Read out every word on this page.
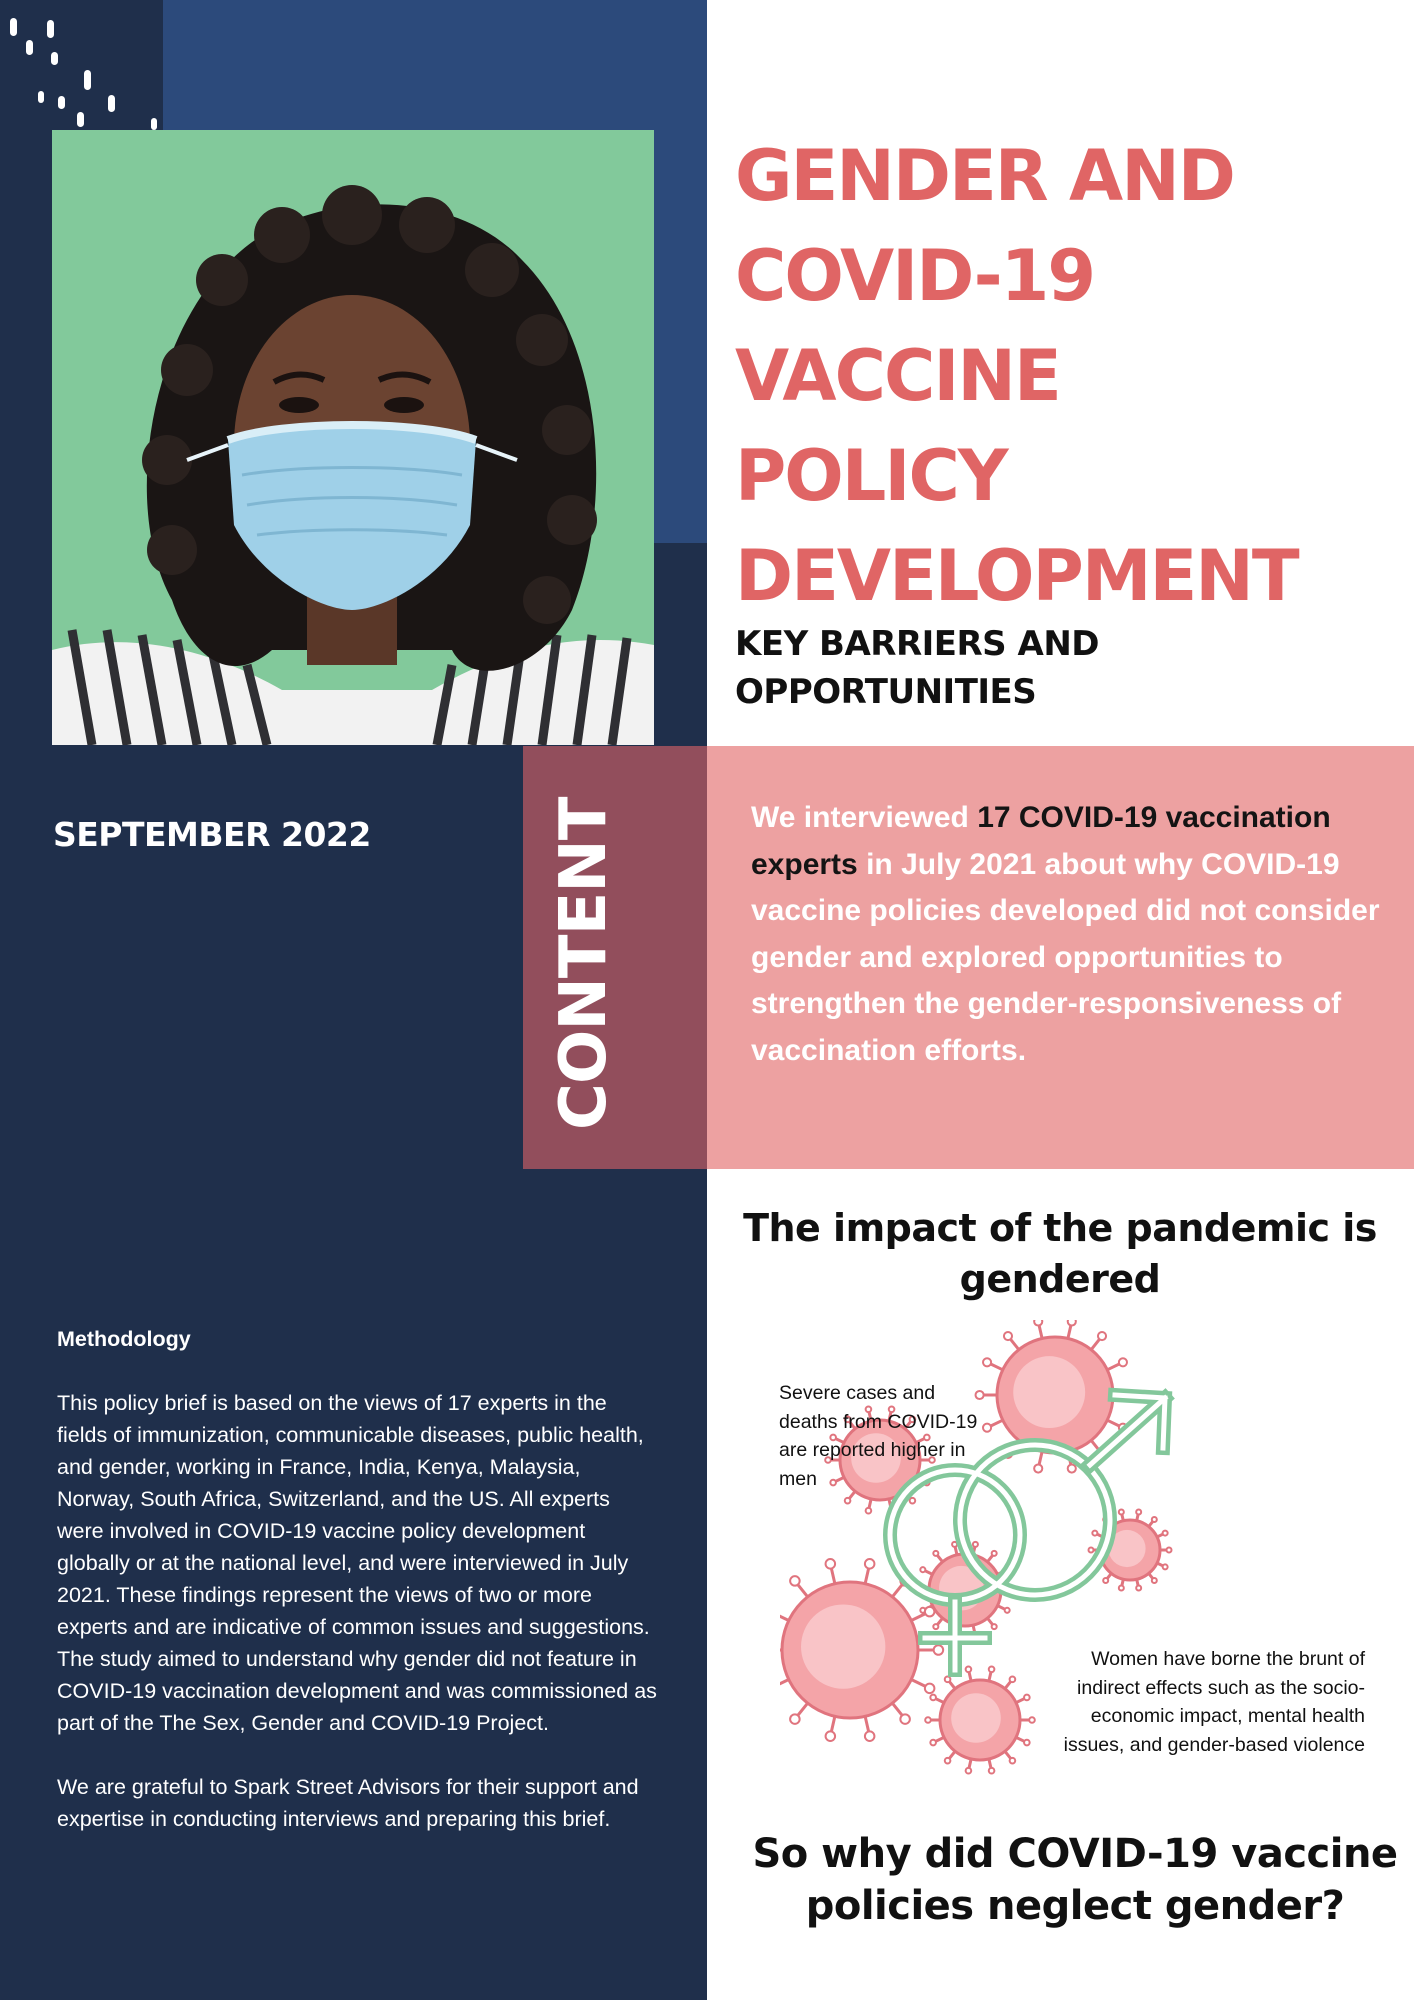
GENDER AND
COVID-19
VACCINE
POLICY
DEVELOPMENT
KEY BARRIERS AND
OPPORTUNITIES
SEPTEMBER 2022	CONTENT	We interviewed 17 COVID-19 vaccination experts in July 2021 about why COVID-19 vaccine policies developed did not consider gender and explored opportunities to strengthen the gender-responsiveness of vaccination efforts.

Methodology

This policy brief is based on the views of 17 experts in the fields of immunization, communicable diseases, public health, and gender, working in France, India, Kenya, Malaysia, Norway, South Africa, Switzerland, and the US. All experts were involved in COVID-19 vaccine policy development globally or at the national level, and were interviewed in July 2021. These findings represent the views of two or more experts and are indicative of common issues and suggestions. The study aimed to understand why gender did not feature in COVID-19 vaccination development and was commissioned as part of the The Sex, Gender and COVID-19 Project.

We are grateful to Spark Street Advisors for their support and expertise in conducting interviews and preparing this brief.

The impact of the pandemic is gendered
Severe cases and deaths from COVID-19 are reported higher in men
Women have borne the brunt of indirect effects such as the socio-economic impact, mental health issues, and gender-based violence
So why did COVID-19 vaccine policies neglect gender?
